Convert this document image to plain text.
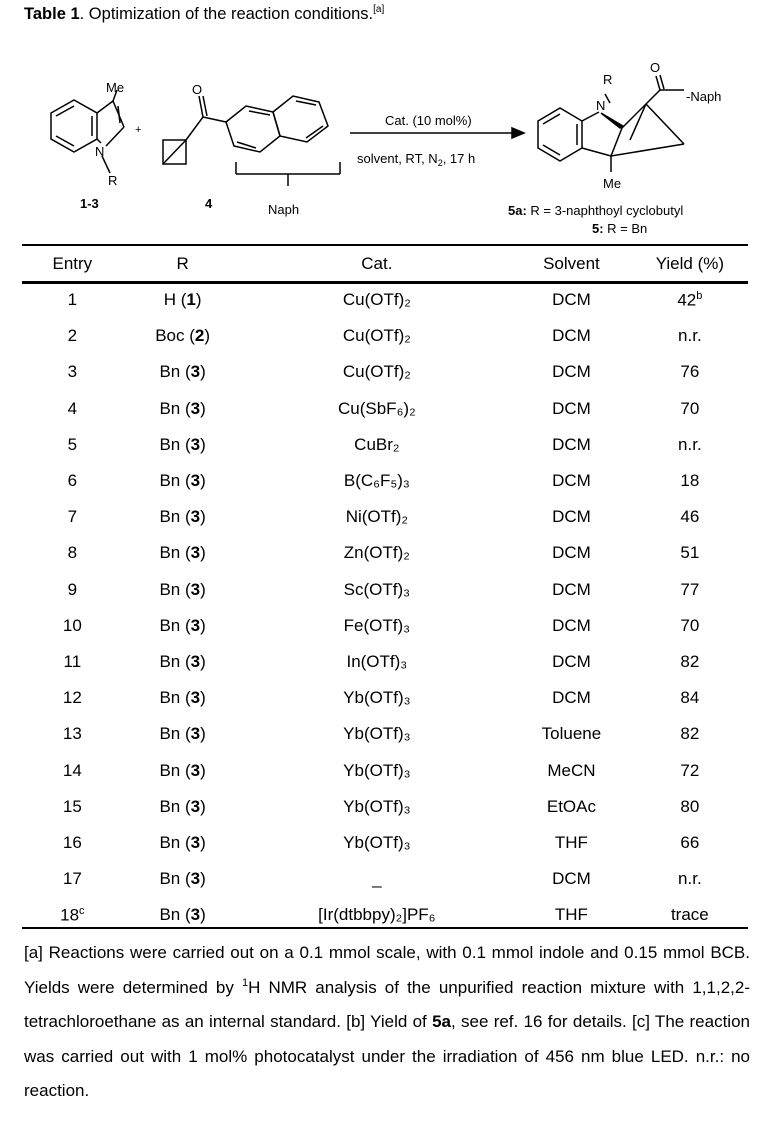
Table 1. Optimization of the reaction conditions.[a]
Me
N
R
1-3
+
O
4	Naph
Cat. (10 mol%)
solvent, RT, $N_2$, 17 h
R
N
O
-Naph
Me
5a: R = 3-naphthoyl cyclobutyl
5: R = Bn
Entry	R	Cat.	Solvent	Yield (%)
1	H (1)	Cu(OTf)₂	DCM	42$^b$
2	Boc (2)	Cu(OTf)₂	DCM	n.r.
3	Bn (3)	Cu(OTf)₂	DCM	76
4	Bn (3)	Cu(SbF₆)₂	DCM	70
5	Bn (3)	CuBr₂	DCM	n.r.
6	Bn (3)	B(C₆F₅)₃	DCM	18
7	Bn (3)	Ni(OTf)₂	DCM	46
8	Bn (3)	Zn(OTf)₂	DCM	51
9	Bn (3)	Sc(OTf)₃	DCM	77
10	Bn (3)	Fe(OTf)₃	DCM	70
11	Bn (3)	In(OTf)₃	DCM	82
12	Bn (3)	Yb(OTf)₃	DCM	84
13	Bn (3)	Yb(OTf)₃	Toluene	82
14	Bn (3)	Yb(OTf)₃	MeCN	72
15	Bn (3)	Yb(OTf)₃	EtOAc	80
16	Bn (3)	Yb(OTf)₃	THF	66
17	Bn (3)	_	DCM	n.r.
18$^c$	Bn (3)	[Ir(dtbbpy)₂]PF₆	THF	trace
[a] Reactions were carried out on a 0.1 mmol scale, with 0.1 mmol indole and 0.15 mmol BCB. Yields were determined by $^1$H NMR analysis of the unpurified reaction mixture with 1,1,2,2-tetrachloroethane as an internal standard. [b] Yield of 5a, see ref. 16 for details. [c] The reaction was carried out with 1 mol% photocatalyst under the irradiation of 456 nm blue LED. n.r.: no reaction.
